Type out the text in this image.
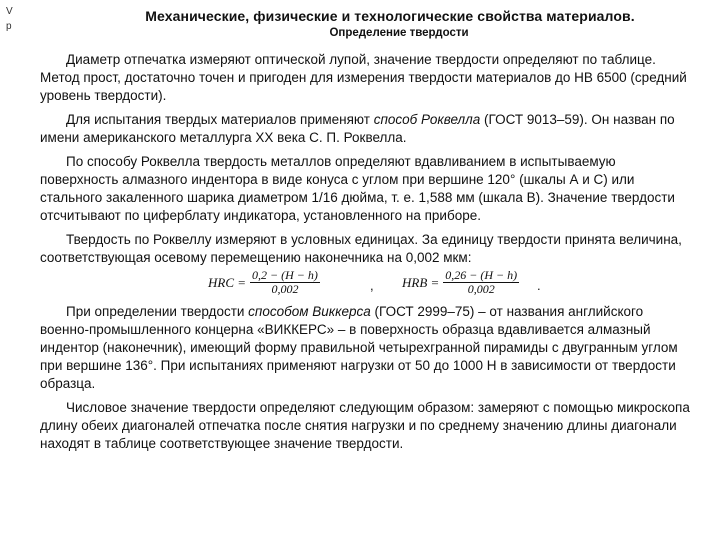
V
p
Механические, физические и технологические свойства материалов.
Определение твердости

Диаметр отпечатка измеряют оптической лупой, значение твердости определяют по таблице. Метод прост, достаточно точен и пригоден для измерения твердости материалов до НВ 6500 (средний уровень твердости).

Для испытания твердых материалов применяют способ Роквелла (ГОСТ 9013–59). Он назван по имени американского металлурга ХХ века С. П. Роквелла.

По способу Роквелла твердость металлов определяют вдавливанием в испытываемую поверхность алмазного индентора в виде конуса с углом при вершине 120° (шкалы А и С) или стального закаленного шарика диаметром 1/16 дюйма, т. е. 1,588 мм (шкала В). Значение твердости отсчитывают по циферблату индикатора, установленного на приборе.

Твердость по Роквеллу измеряют в условных единицах. За единицу твердости принята величина, соответствующая осевому перемещению наконечника на 0,002 мкм:

HRC = $\frac{0,2 - (H - h)}{0,002}$	, HRB = $\frac{0,26 - (H - h)}{0,002}$ .

При определении твердости способом Виккерса (ГОСТ 2999–75) – от названия английского военно-промышленного концерна «ВИККЕРС» – в поверхность образца вдавливается алмазный индентор (наконечник), имеющий форму правильной четырехгранной пирамиды с двугранным углом при вершине 136°. При испытаниях применяют нагрузки от 50 до 1000 Н в зависимости от твердости образца.

Числовое значение твердости определяют следующим образом: замеряют с помощью микроскопа длину обеих диагоналей отпечатка после снятия нагрузки и по среднему значению длины диагонали находят в таблице соответствующее значение твердости.
